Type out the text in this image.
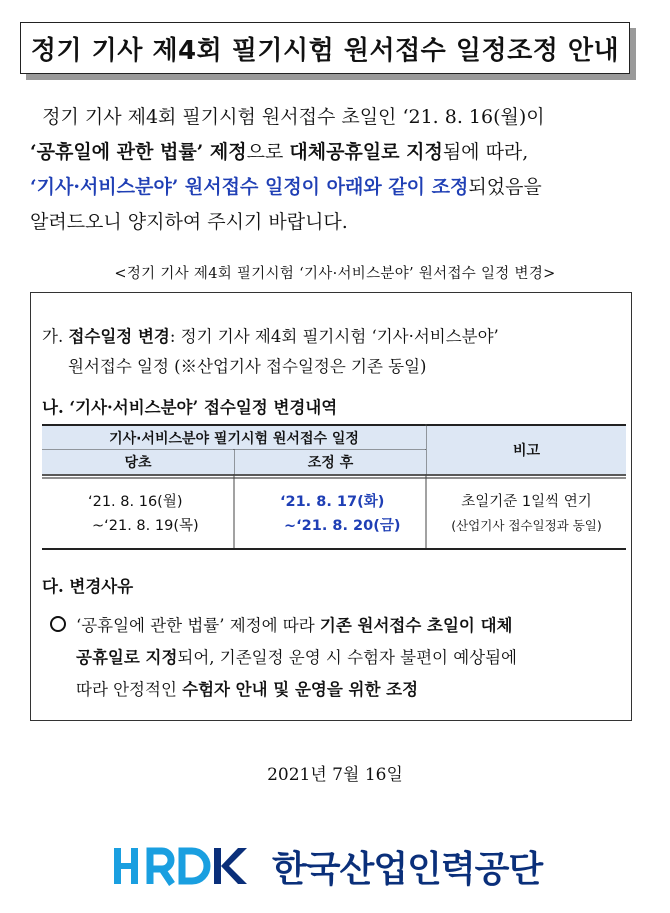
정기 기사 제4회 필기시험 원서접수 일정조정 안내

정기 기사 제4회 필기시험 원서접수 초일인 ‘21. 8. 16(월)이

‘공휴일에 관한 법률’ 제정으로 대체공휴일로 지정됨에 따라,

‘기사·서비스분야’ 원서접수 일정이 아래와 같이 조정되었음을

알려드오니 양지하여 주시기 바랍니다.

<정기 기사 제4회 필기시험 ‘기사·서비스분야’ 원서접수 일정 변경>
가. 접수일정 변경: 정기 기사 제4회 필기시험 ‘기사·서비스분야’
원서접수 일정 (※산업기사 접수일정은 기존 동일)
나. ‘기사·서비스분야’ 접수일정 변경내역
기사·서비스분야 필기시험 원서접수 일정
당초	조정 후
비고
‘21. 8. 16(월)
~‘21. 8. 19(목)
‘21. 8. 17(화)
~‘21. 8. 20(금)
초일기준 1일씩 연기
(산업기사 접수일정과 동일)
다. 변경사유
‘공휴일에 관한 법률’ 제정에 따라 기존 원서접수 초일이 대체
공휴일로 지정되어, 기존일정 운영 시 수험자 불편이 예상됨에
따라 안정적인 수험자 안내 및 운영을 위한 조정
2021년 7월 16일
한국산업인력공단
